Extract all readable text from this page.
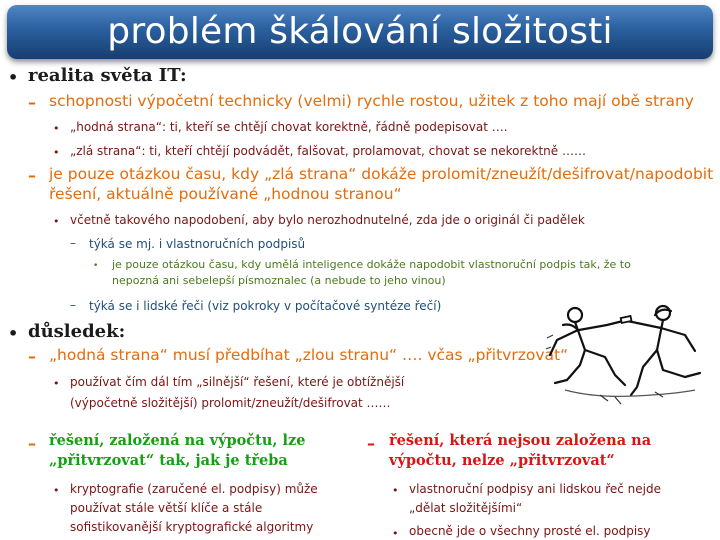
problém škálování složitosti
• realita světa IT:
– schopnosti výpočetní technicky (velmi) rychle rostou, užitek z toho mají obě strany
• „hodná strana“: ti, kteří se chtějí chovat korektně, řádně podepisovat ….
• „zlá strana“: ti, kteří chtějí podvádět, falšovat, prolamovat, chovat se nekorektně ……
– je pouze otázkou času, kdy „zlá strana“ dokáže prolomit/zneužít/dešifrovat/napodobit
řešení, aktuálně používané „hodnou stranou“
• včetně takového napodobení, aby bylo nerozhodnutelné, zda jde o originál či padělek
– týká se mj. i vlastnoručních podpisů
• je pouze otázkou času, kdy umělá inteligence dokáže napodobit vlastnoruční podpis tak, že to
nepozná ani sebelepší písmoznalec (a nebude to jeho vinou)
– týká se i lidské řeči (viz pokroky v počítačové syntéze řečí)
• důsledek:
– „hodná strana“ musí předbíhat „zlou stranu“ …. včas „přitvrzovat“
• používat čím dál tím „silnější“ řešení, které je obtížnější
(výpočetně složitější) prolomit/zneužít/dešifrovat ……
– řešení, založená na výpočtu, lze
„přitvrzovat“ tak, jak je třeba
• kryptografie (zaručené el. podpisy) může
používat stále větší klíče a stále
sofistikovanější kryptografické algoritmy
– řešení, která nejsou založena na
výpočtu, nelze „přitvrzovat“
• vlastnoruční podpisy ani lidskou řeč nejde
„dělat složitějšími“
• obecně jde o všechny prosté el. podpisy
